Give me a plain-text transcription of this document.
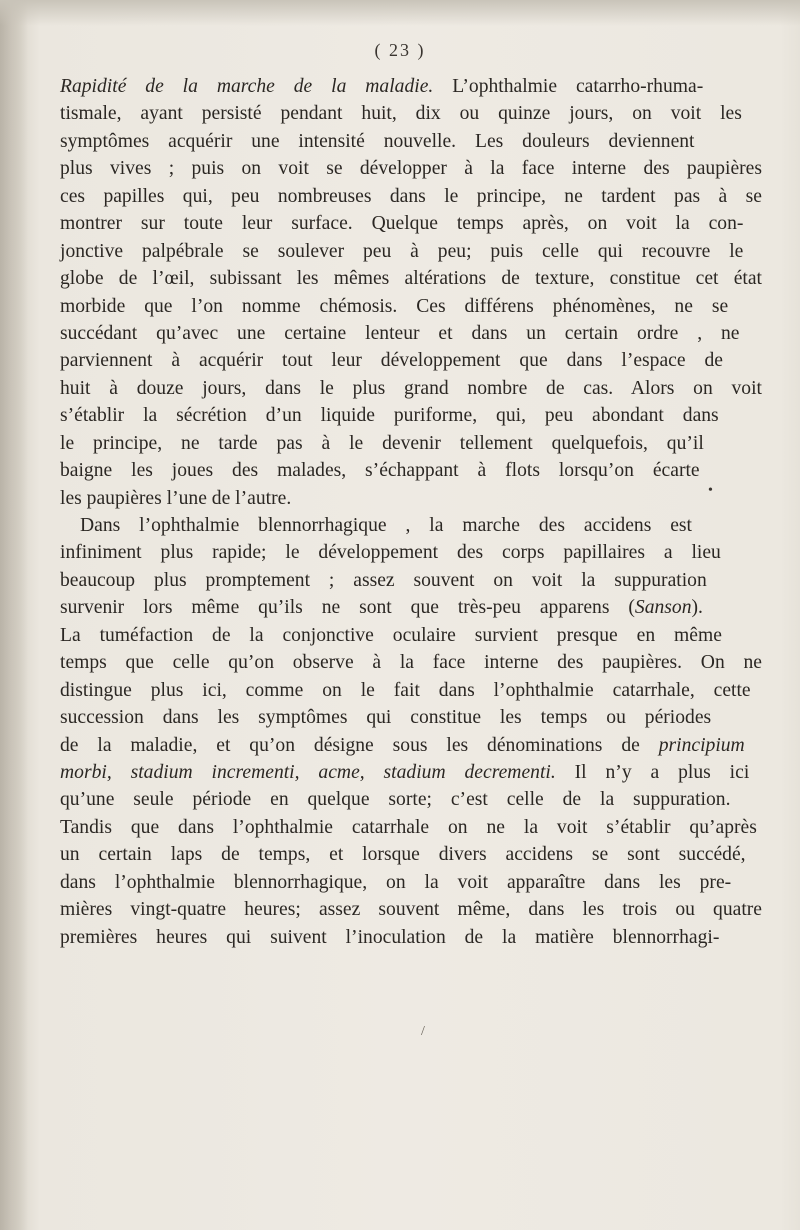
( 23 )
Rapidité de la marche de la maladie. L’ophthalmie catarrho-rhuma-
tismale, ayant persisté pendant huit, dix ou quinze jours, on voit les
symptômes acquérir une intensité nouvelle. Les douleurs deviennent
plus vives ; puis on voit se développer à la face interne des paupières
ces papilles qui, peu nombreuses dans le principe, ne tardent pas à se
montrer sur toute leur surface. Quelque temps après, on voit la con-
jonctive palpébrale se soulever peu à peu; puis celle qui recouvre le
globe de l’œil, subissant les mêmes altérations de texture, constitue cet état
morbide que l’on nomme chémosis. Ces différens phénomènes, ne se
succédant qu’avec une certaine lenteur et dans un certain ordre , ne
parviennent à acquérir tout leur développement que dans l’espace de
huit à douze jours, dans le plus grand nombre de cas. Alors on voit
s’établir la sécrétion d’un liquide puriforme, qui, peu abondant dans
le principe, ne tarde pas à le devenir tellement quelquefois, qu’il
baigne les joues des malades, s’échappant à flots lorsqu’on écarte
les paupières l’une de l’autre.
Dans l’ophthalmie blennorrhagique , la marche des accidens est
infiniment plus rapide; le développement des corps papillaires a lieu
beaucoup plus promptement ; assez souvent on voit la suppuration
survenir lors même qu’ils ne sont que très-peu apparens (Sanson).
La tuméfaction de la conjonctive oculaire survient presque en même
temps que celle qu’on observe à la face interne des paupières. On ne
distingue plus ici, comme on le fait dans l’ophthalmie catarrhale, cette
succession dans les symptômes qui constitue les temps ou périodes
de la maladie, et qu’on désigne sous les dénominations de principium
morbi, stadium incrementi, acme, stadium decrementi. Il n’y a plus ici
qu’une seule période en quelque sorte; c’est celle de la suppuration.
Tandis que dans l’ophthalmie catarrhale on ne la voit s’établir qu’après
un certain laps de temps, et lorsque divers accidens se sont succédé,
dans l’ophthalmie blennorrhagique, on la voit apparaître dans les pre-
mières vingt-quatre heures; assez souvent même, dans les trois ou quatre
premières heures qui suivent l’inoculation de la matière blennorrhagi-
•
/
